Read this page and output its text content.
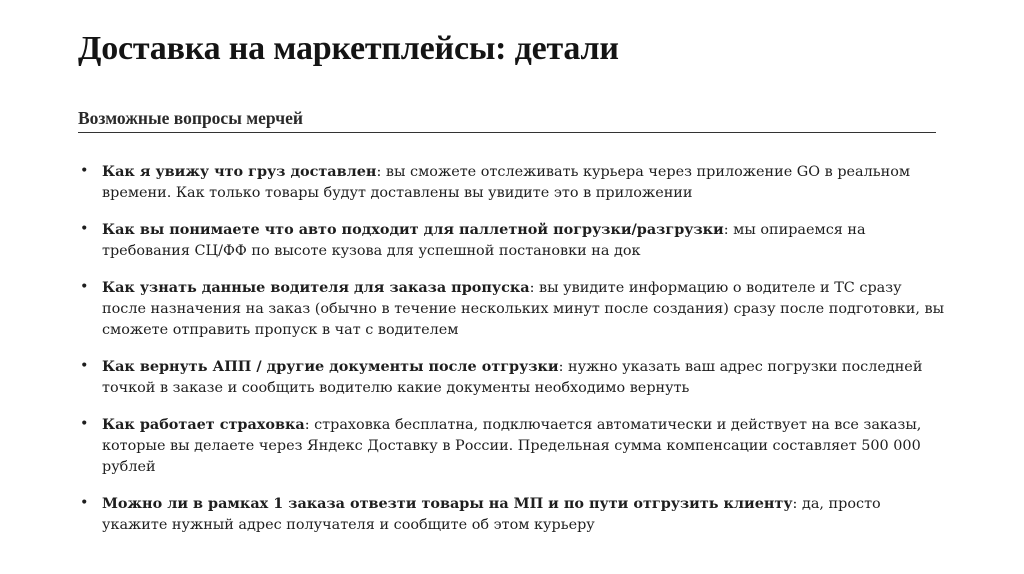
Доставка на маркетплейсы: детали
Возможные вопросы мерчей
• Как я увижу что груз доставлен: вы сможете отслеживать курьера через приложение GO в реальном времени. Как только товары будут доставлены вы увидите это в приложении
• Как вы понимаете что авто подходит для паллетной погрузки/разгрузки: мы опираемся на требования СЦ/ФФ по высоте кузова для успешной постановки на док
• Как узнать данные водителя для заказа пропуска: вы увидите информацию о водителе и ТС сразу после назначения на заказ (обычно в течение нескольких минут после создания) сразу после подготовки, вы сможете отправить пропуск в чат с водителем
• Как вернуть АПП / другие документы после отгрузки: нужно указать ваш адрес погрузки последней точкой в заказе и сообщить водителю какие документы необходимо вернуть
• Как работает страховка: страховка бесплатна, подключается автоматически и действует на все заказы, которые вы делаете через Яндекс Доставку в России. Предельная сумма компенсации составляет 500 000 рублей
• Можно ли в рамках 1 заказа отвезти товары на МП и по пути отгрузить клиенту: да, просто укажите нужный адрес получателя и сообщите об этом курьеру
